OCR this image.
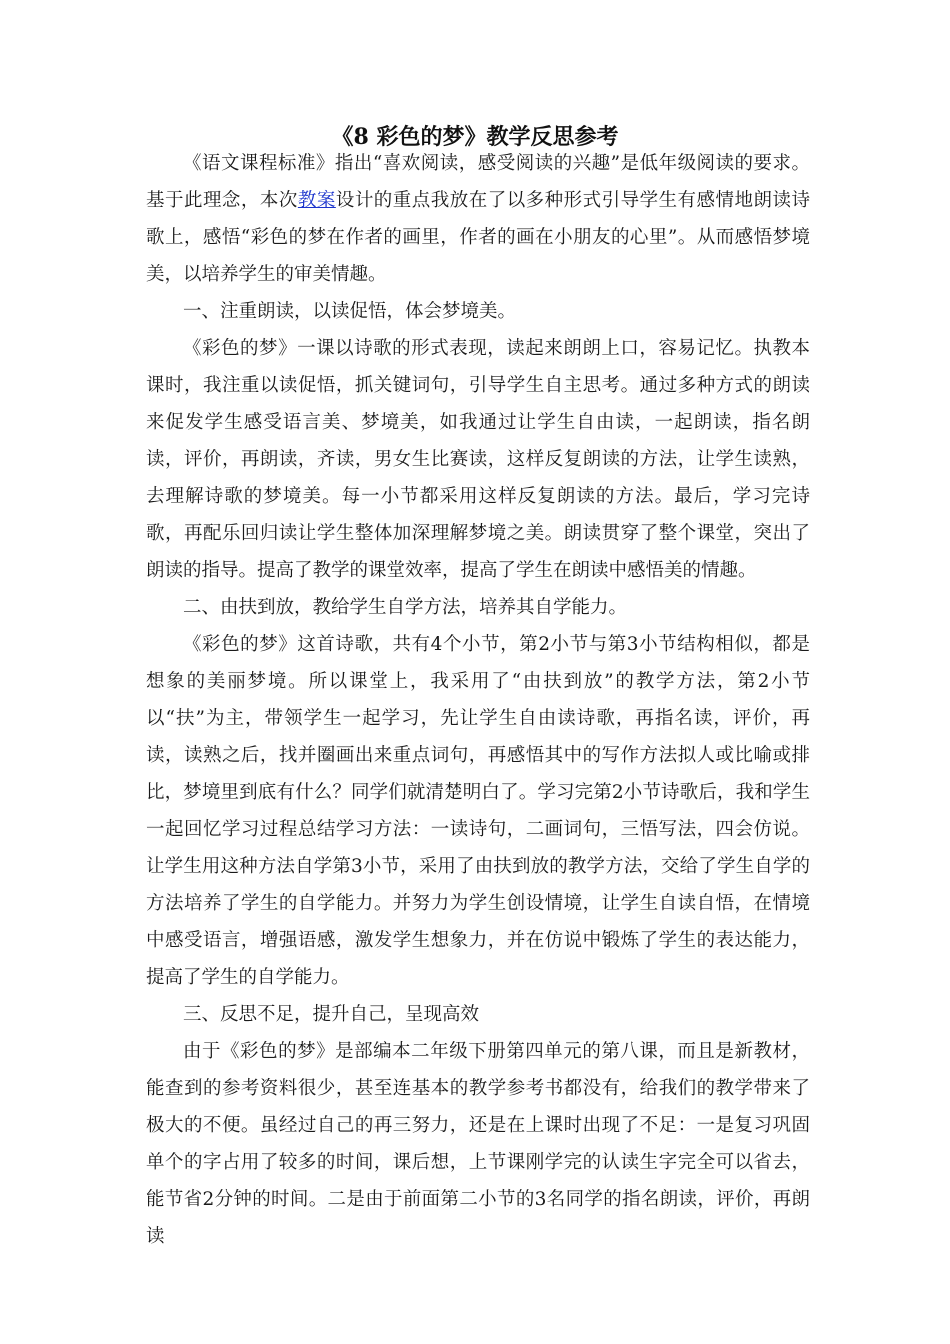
《8 彩色的梦》教学反思参考

《语文课程标准》指出“喜欢阅读，感受阅读的兴趣”是低年级阅读的要求。基于此理念，本次教案设计的重点我放在了以多种形式引导学生有感情地朗读诗歌上，感悟“彩色的梦在作者的画里，作者的画在小朋友的心里”。从而感悟梦境美，以培养学生的审美情趣。

一、注重朗读，以读促悟，体会梦境美。

《彩色的梦》一课以诗歌的形式表现，读起来朗朗上口，容易记忆。执教本课时，我注重以读促悟，抓关键词句，引导学生自主思考。通过多种方式的朗读来促发学生感受语言美、梦境美，如我通过让学生自由读，一起朗读，指名朗读，评价，再朗读，齐读，男女生比赛读，这样反复朗读的方法，让学生读熟，去理解诗歌的梦境美。每一小节都采用这样反复朗读的方法。最后，学习完诗歌，再配乐回归读让学生整体加深理解梦境之美。朗读贯穿了整个课堂，突出了朗读的指导。提高了教学的课堂效率，提高了学生在朗读中感悟美的情趣。

二、由扶到放，教给学生自学方法，培养其自学能力。

《彩色的梦》这首诗歌，共有4个小节，第2小节与第3小节结构相似，都是想象的美丽梦境。所以课堂上，我采用了“由扶到放”的教学方法，第2小节以“扶”为主，带领学生一起学习，先让学生自由读诗歌，再指名读，评价，再读，读熟之后，找并圈画出来重点词句，再感悟其中的写作方法拟人或比喻或排比，梦境里到底有什么？同学们就清楚明白了。学习完第2小节诗歌后，我和学生一起回忆学习过程总结学习方法：一读诗句，二画词句，三悟写法，四会仿说。让学生用这种方法自学第3小节，采用了由扶到放的教学方法，交给了学生自学的方法培养了学生的自学能力。并努力为学生创设情境，让学生自读自悟，在情境中感受语言，增强语感，激发学生想象力，并在仿说中锻炼了学生的表达能力，提高了学生的自学能力。

三、反思不足，提升自己，呈现高效

由于《彩色的梦》是部编本二年级下册第四单元的第八课，而且是新教材，能查到的参考资料很少，甚至连基本的教学参考书都没有，给我们的教学带来了极大的不便。虽经过自己的再三努力，还是在上课时出现了不足：一是复习巩固单个的字占用了较多的时间，课后想，上节课刚学完的认读生字完全可以省去，能节省2分钟的时间。二是由于前面第二小节的3名同学的指名朗读，评价，再朗读
